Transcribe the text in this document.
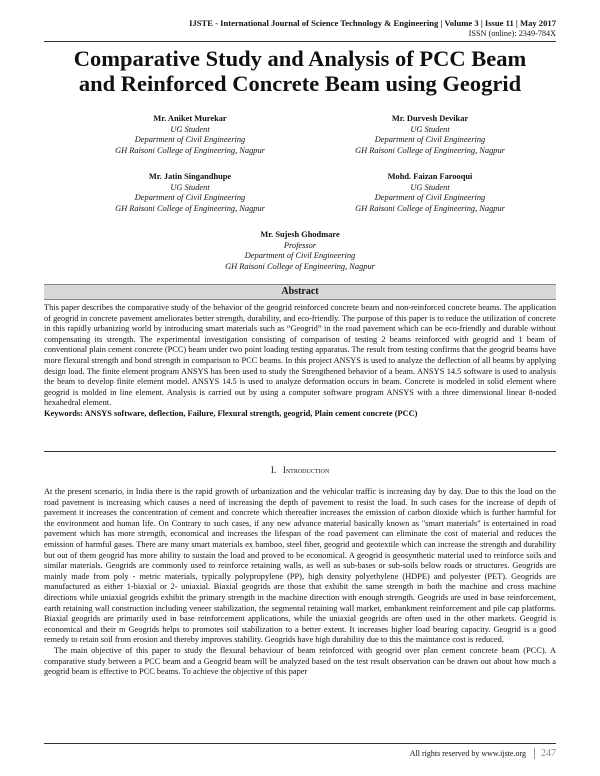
IJSTE - International Journal of Science Technology & Engineering | Volume 3 | Issue 11 | May 2017
ISSN (online): 2349-784X
Comparative Study and Analysis of PCC Beam
and Reinforced Concrete Beam using Geogrid
Mr. Aniket Murekar
UG Student
Department of Civil Engineering
GH Raisoni College of Engineering, Nagpur
Mr. Durvesh Devikar
UG Student
Department of Civil Engineering
GH Raisoni College of Engineering, Nagpur
Mr. Jatin Singandhupe
UG Student
Department of Civil Engineering
GH Raisoni College of Engineering, Nagpur
Mohd. Faizan Farooqui
UG Student
Department of Civil Engineering
GH Raisoni College of Engineering, Nagpur
Mr. Sujesh Ghodmare
Professor
Department of Civil Engineering
GH Raisoni College of Engineering, Nagpur
Abstract
This paper describes the comparative study of the behavior of the geogrid reinforced concrete beam and non-reinforced concrete beams. The application of geogrid in concrete pavement ameliorates better strength, durability, and eco-friendly. The purpose of this paper is to reduce the utilization of concrete in this rapidly urbanizing world by introducing smart materials such as “Geogrid” in the road pavement which can be eco-friendly and durable without compensating its strength. The experimental investigation consisting of comparison of testing 2 beams reinforced with geogrid and 1 beam of conventional plain cement concrete (PCC) beam under two point loading testing apparatus. The result from testing confirms that the geogrid beams have more flexural strength and bond strength in comparison to PCC beams. In this project ANSYS is used to analyze the deflection of all beams by applying design load. The finite element program ANSYS has been used to study the Strengthened behavior of a beam. ANSYS 14.5 software is used to analysis the beam to develop finite element model. ANSYS 14.5 is used to analyze deformation occurs in beam. Concrete is modeled in solid element where geogrid is molded in line element. Analysis is carried out by using a computer software program ANSYS with a three dimensional linear 8-noded hexahedral element.
Keywords: ANSYS software, deflection, Failure, Flexural strength, geogrid, Plain cement concrete (PCC)
I. Introduction

At the present scenario, in India there is the rapid growth of urbanization and the vehicular traffic is increasing day by day. Due to this the load on the road pavement is increasing which causes a need of increasing the depth of pavement to resist the load. In such cases for the increase of depth of pavement it increases the concentration of cement and concrete which thereafter increases the emission of carbon dioxide which is further harmful for the environment and human life. On Contrary to such cases, if any new advance material basically known as "smart materials" is entertained in road pavement which has more strength, economical and increases the lifespan of the road pavement can eliminate the cost of material and reduces the emission of harmful gases. There are many smart materials ex bamboo, steel fiber, geogrid and geotextile which can increase the strength and durability but out of them geogrid has more ability to sustain the load and proved to be economical. A geogrid is geosynthetic material used to reinforce soils and similar materials. Geogrids are commonly used to reinforce retaining walls, as well as sub-bases or sub-soils below roads or structures. Geogrids are mainly made from poly - metric materials, typically polypropylene (PP), high density polyethylene (HDPE) and polyester (PET). Geogrids are manufactured as either 1-biaxial or 2- uniaxial. Biaxial geogrids are those that exhibit the same strength in both the machine and cross machine directions while uniaxial geogrids exhibit the primary strength in the machine direction with enough strength. Geogrids are used in base reinforcement, earth retaining wall construction including veneer stabilization, the segmental retaining wall market, embankment reinforcement and pile cap platforms. Biaxial geogrids are primarily used in base reinforcement applications, while the uniaxial geogrids are often used in the other markets. Geogrid is economical and their m Geogrids helps to promotes soil stabilization to a better extent. It increases higher load bearing capacity. Geogrid is a good remedy to retain soil from erosion and thereby improves stability. Geogrids have high durability due to this the maintance cost is reduced.

The main objective of this paper to study the flexural behaviour of beam reinforced with geogrid over plan cement concrete beam (PCC). A comparative study between a PCC beam and a Geogrid beam will be analyzed based on the test result observation can be drawn out about how much a geogrid beam is effective to PCC beams. To achieve the objective of this paper

All rights reserved by www.ijste.org 247
